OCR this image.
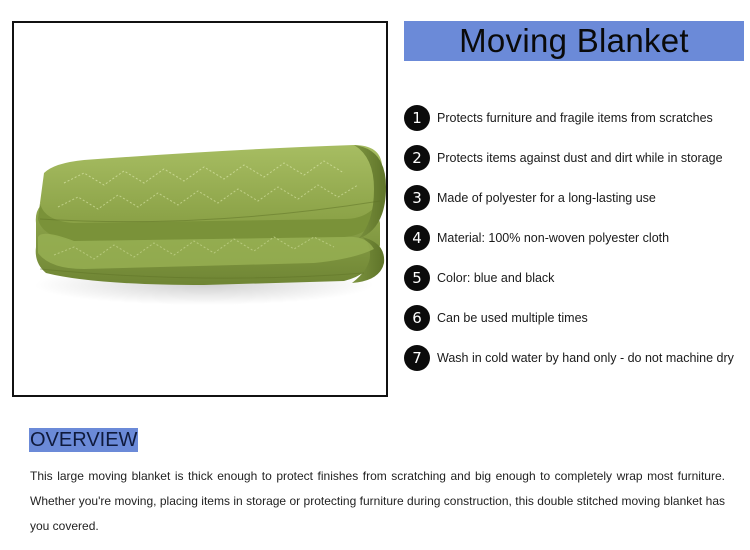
Moving Blanket
1	Protects furniture and fragile items from scratches
2	Protects items against dust and dirt while in storage
3	Made of polyester for a long-lasting use
4	Material: 100% non-woven polyester cloth
5	Color: blue and black
6	Can be used multiple times
7	Wash in cold water by hand only - do not machine dry
OVERVIEW

This large moving blanket is thick enough to protect finishes from scratching and big enough to completely wrap most furniture. Whether you're moving, placing items in storage or protecting furniture during construction, this double stitched moving blanket has you covered.
